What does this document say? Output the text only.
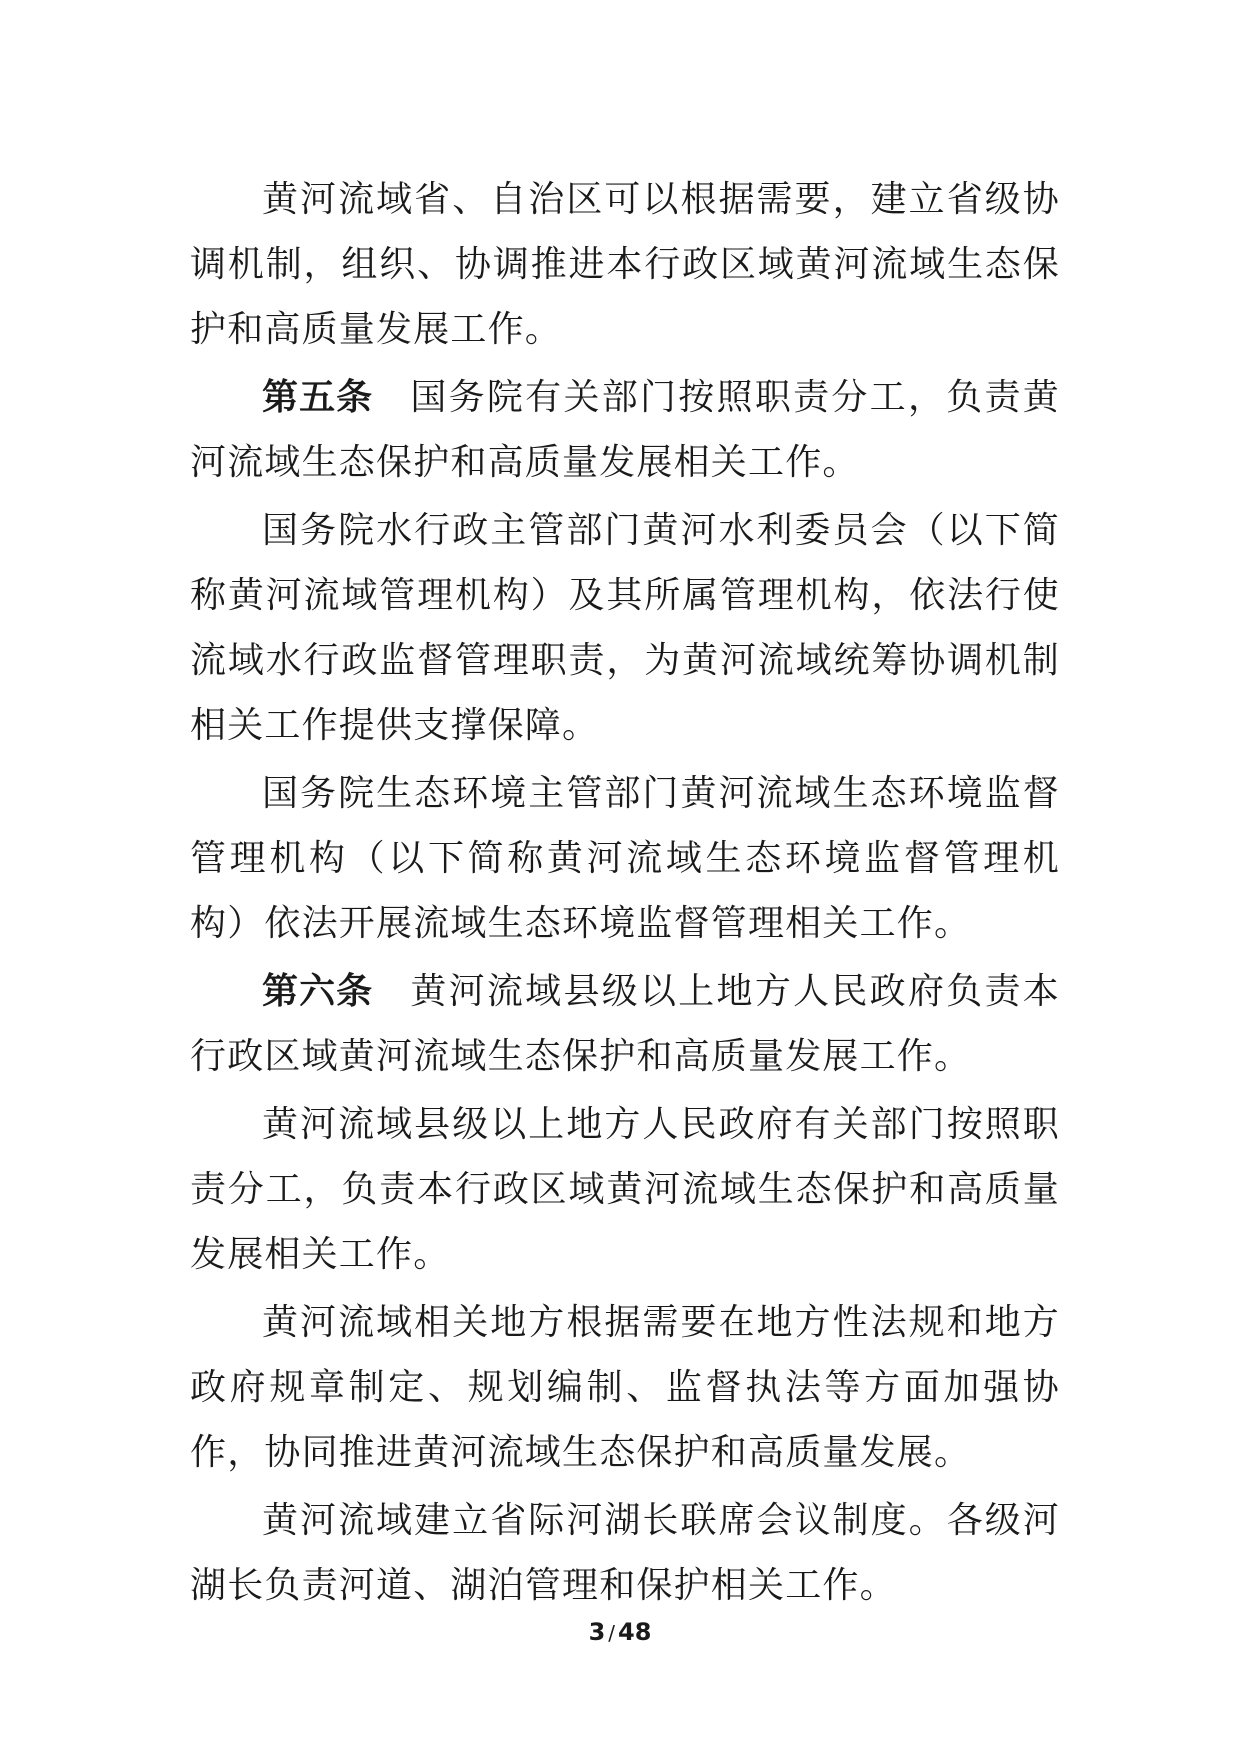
黄河流域省、自治区可以根据需要，建立省级协调机制，组织、协调推进本行政区域黄河流域生态保护和高质量发展工作。

第五条 国务院有关部门按照职责分工，负责黄河流域生态保护和高质量发展相关工作。

国务院水行政主管部门黄河水利委员会（以下简称黄河流域管理机构）及其所属管理机构，依法行使流域水行政监督管理职责，为黄河流域统筹协调机制相关工作提供支撑保障。

国务院生态环境主管部门黄河流域生态环境监督管理机构（以下简称黄河流域生态环境监督管理机构）依法开展流域生态环境监督管理相关工作。

第六条 黄河流域县级以上地方人民政府负责本行政区域黄河流域生态保护和高质量发展工作。

黄河流域县级以上地方人民政府有关部门按照职责分工，负责本行政区域黄河流域生态保护和高质量发展相关工作。

黄河流域相关地方根据需要在地方性法规和地方政府规章制定、规划编制、监督执法等方面加强协作，协同推进黄河流域生态保护和高质量发展。

黄河流域建立省际河湖长联席会议制度。各级河湖长负责河道、湖泊管理和保护相关工作。

3 / 48
